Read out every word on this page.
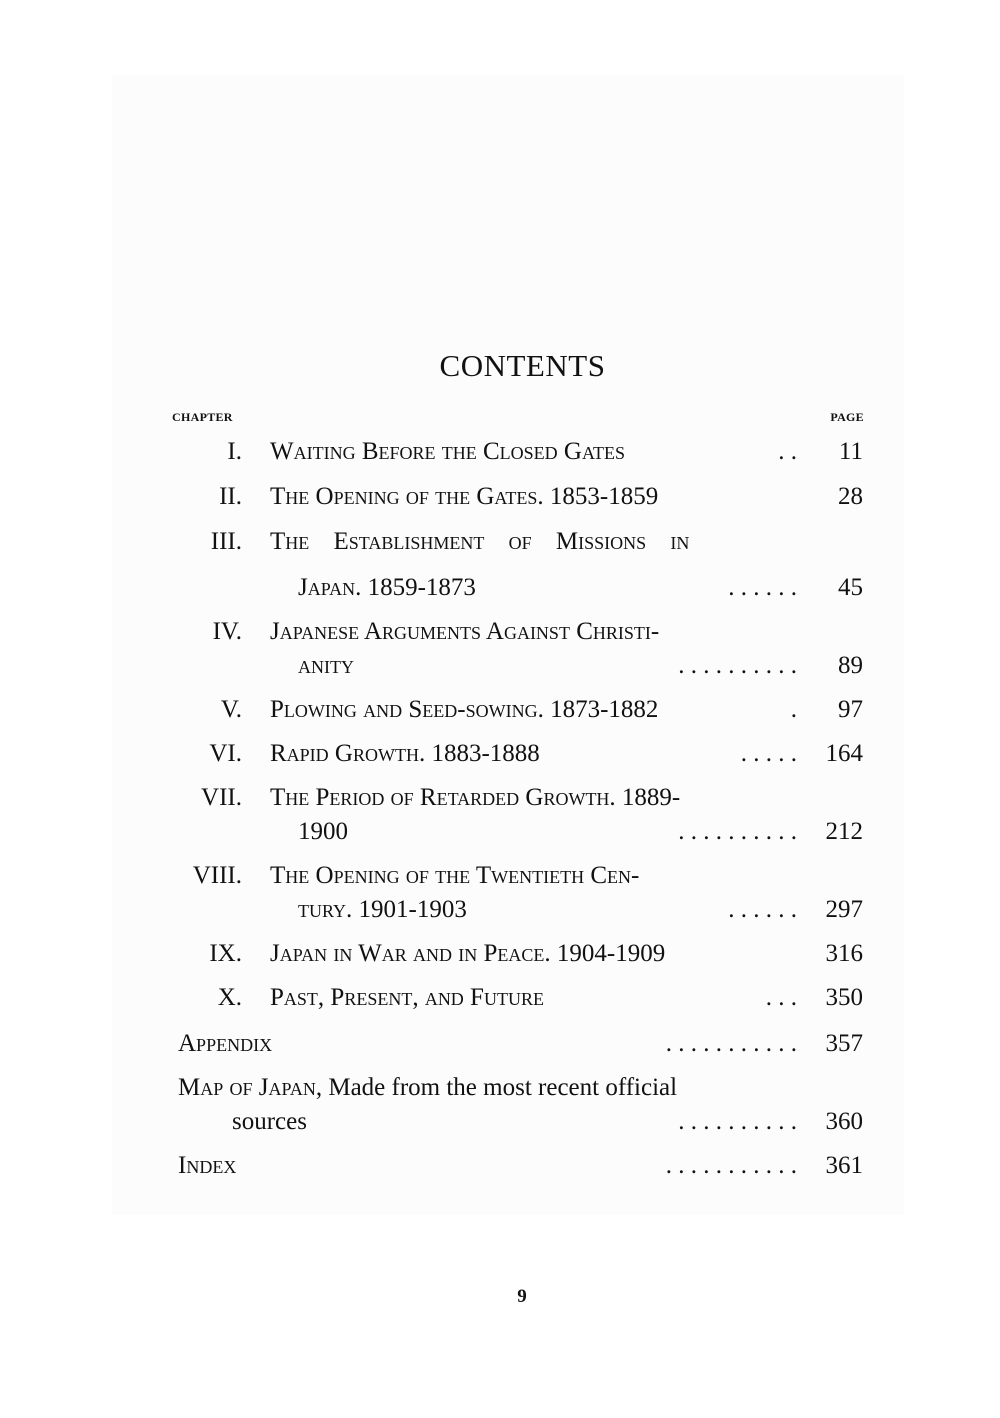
CONTENTS
CHAPTER	PAGE
I. Waiting Before the Closed Gates	. . 11
II. The Opening of the Gates. 1853-1859	28
III. The Establishment of Missions in
Japan. 1859-1873	. . . . . . 45
IV. Japanese Arguments Against Christi-
anity	. . . . . . . . . . 89
V. Plowing and Seed-sowing. 1873-1882	. 97
VI. Rapid Growth. 1883-1888	. . . . . 164
VII. The Period of Retarded Growth. 1889-
1900	. . . . . . . . . . 212
VIII. The Opening of the Twentieth Cen-
tury. 1901-1903	. . . . . . 297
IX. Japan in War and in Peace. 1904-1909	316
X. Past, Present, and Future	. . . 350
Appendix	. . . . . . . . . . . 357
Map of Japan, Made from the most recent official
sources	. . . . . . . . . . 360
Index	. . . . . . . . . . . 361
9
